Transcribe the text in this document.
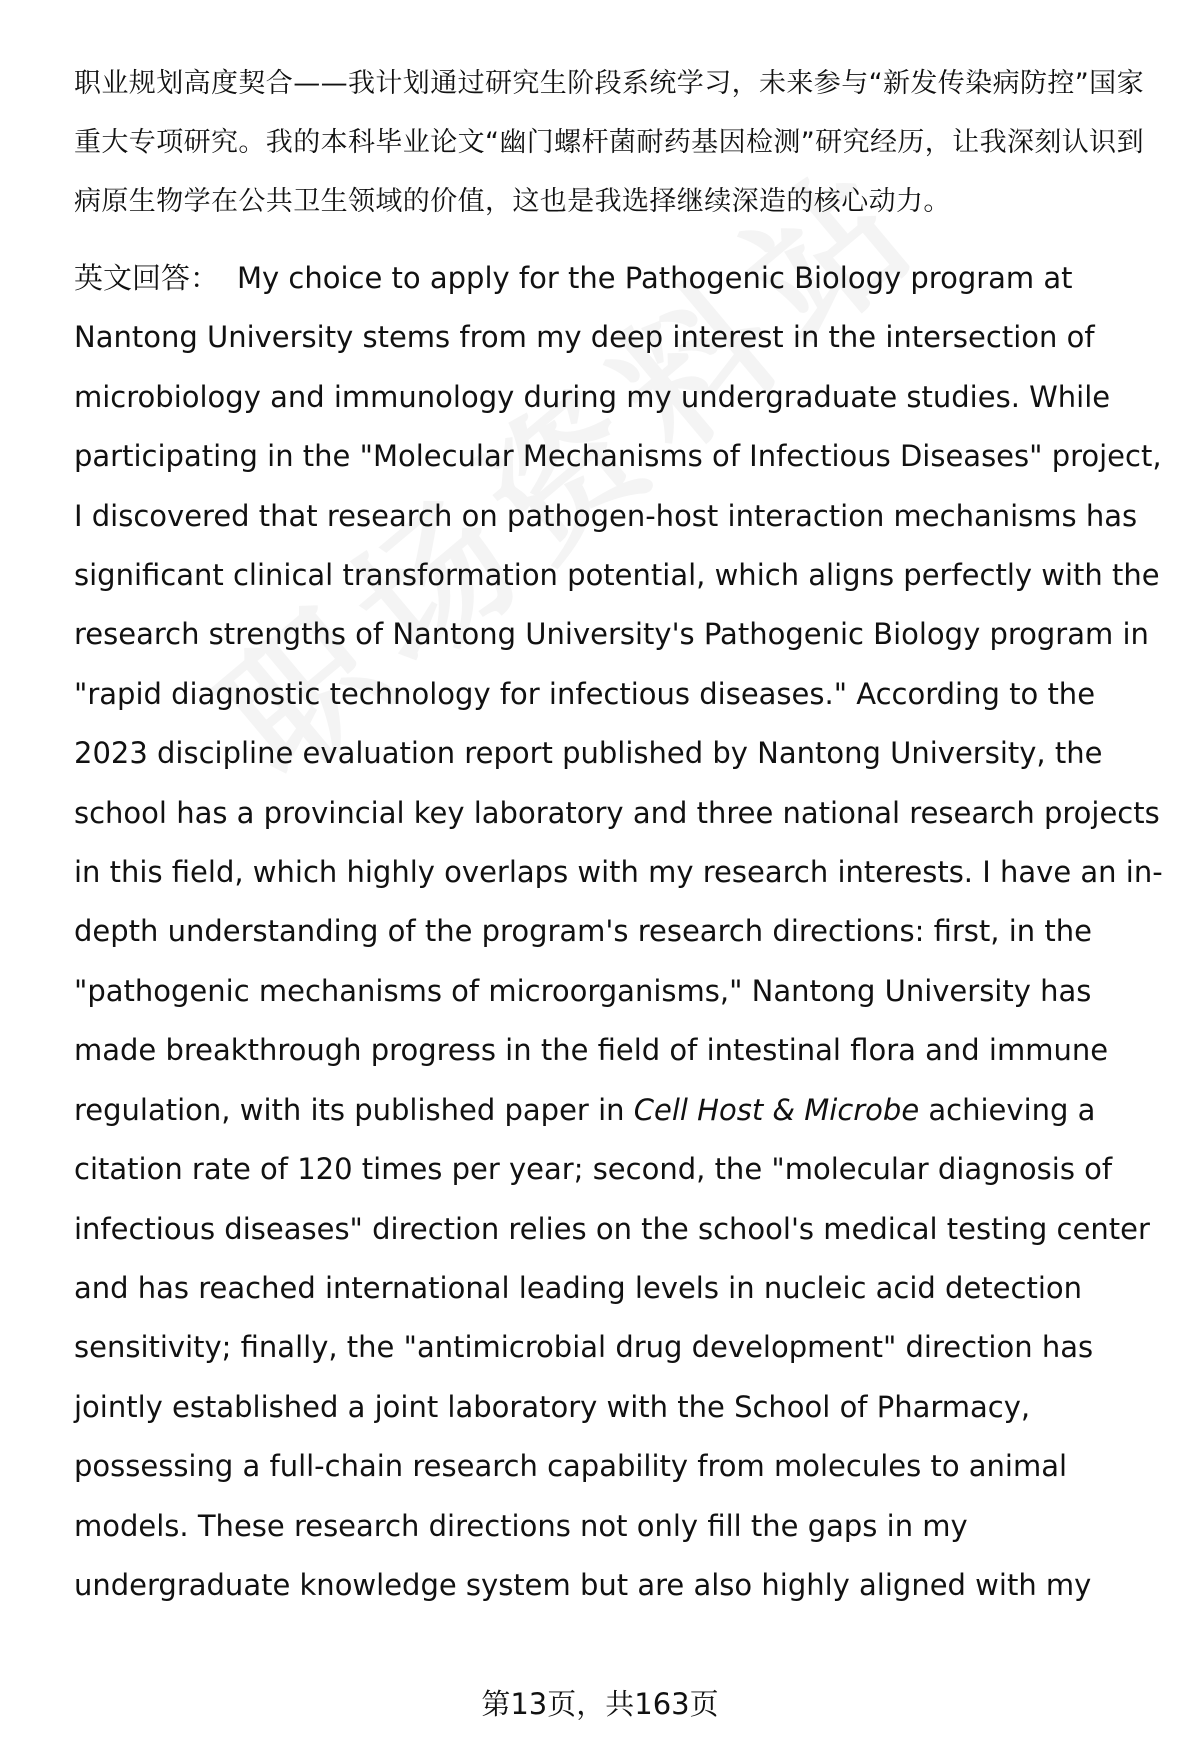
职业规划高度契合——我计划通过研究生阶段系统学习，未来参与“新发传染病防控”国家重大专项研究。我的本科毕业论文“幽门螺杆菌耐药基因检测”研究经历，让我深刻认识到病原生物学在公共卫生领域的价值，这也是我选择继续深造的核心动力。

英文回答： My choice to apply for the Pathogenic Biology program at Nantong University stems from my deep interest in the intersection of microbiology and immunology during my undergraduate studies. While participating in the "Molecular Mechanisms of Infectious Diseases" project, I discovered that research on pathogen-host interaction mechanisms has significant clinical transformation potential, which aligns perfectly with the research strengths of Nantong University's Pathogenic Biology program in "rapid diagnostic technology for infectious diseases." According to the 2023 discipline evaluation report published by Nantong University, the school has a provincial key laboratory and three national research projects in this field, which highly overlaps with my research interests. I have an in-depth understanding of the program's research directions: first, in the "pathogenic mechanisms of microorganisms," Nantong University has made breakthrough progress in the field of intestinal flora and immune regulation, with its published paper in Cell Host & Microbe achieving a citation rate of 120 times per year; second, the "molecular diagnosis of infectious diseases" direction relies on the school's medical testing center and has reached international leading levels in nucleic acid detection sensitivity; finally, the "antimicrobial drug development" direction has jointly established a joint laboratory with the School of Pharmacy, possessing a full-chain research capability from molecules to animal models. These research directions not only fill the gaps in my undergraduate knowledge system but are also highly aligned with my

第13页，共163页
